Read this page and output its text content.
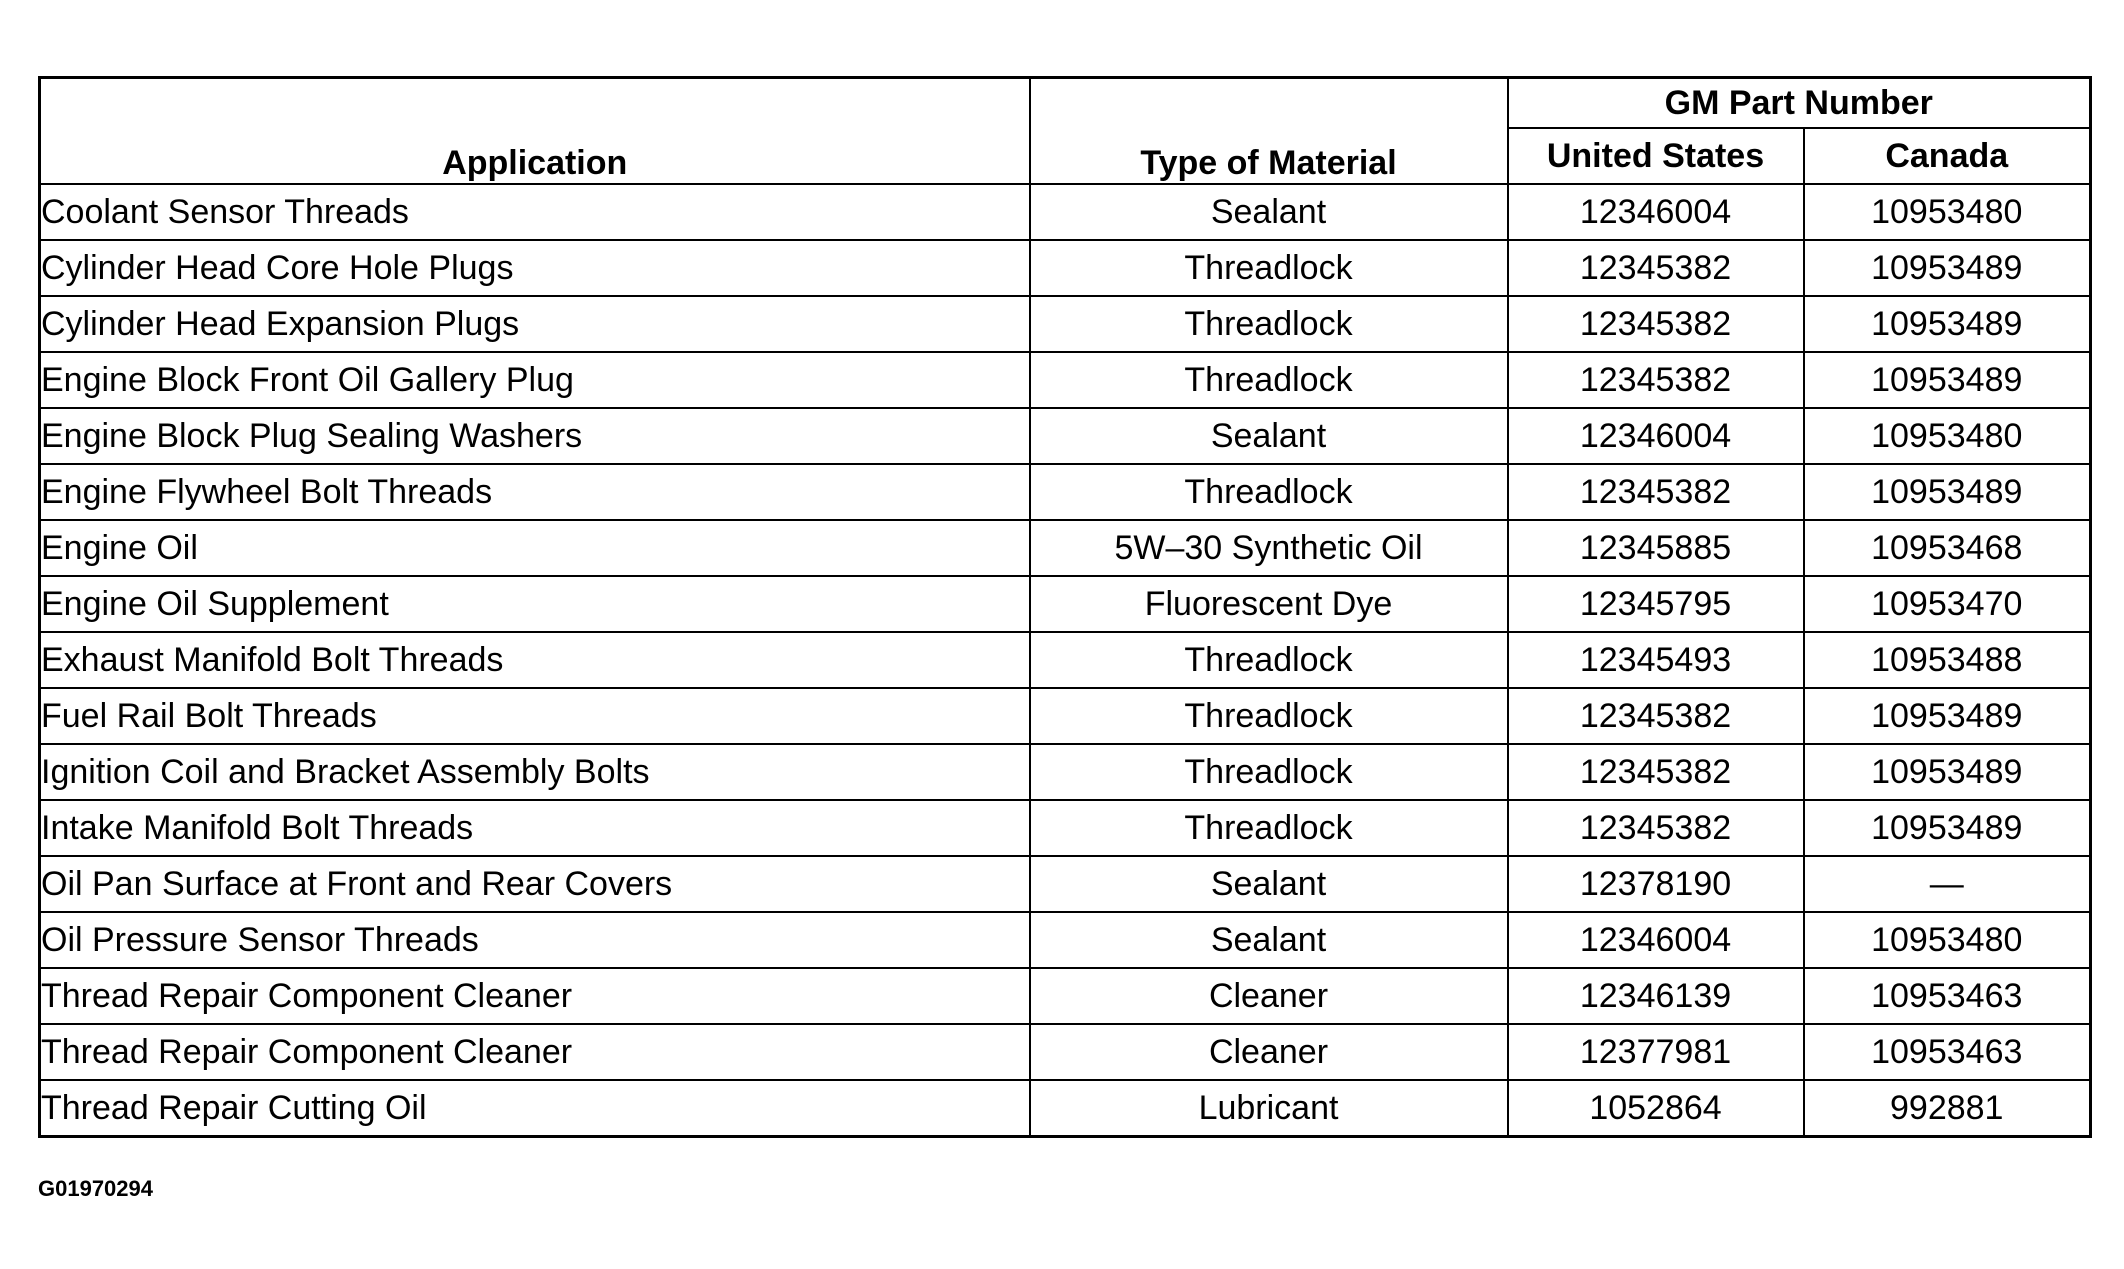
Application	Type of Material	GM Part Number	
		United States	Canada
Coolant Sensor Threads	Sealant	12346004	10953480
Cylinder Head Core Hole Plugs	Threadlock	12345382	10953489
Cylinder Head Expansion Plugs	Threadlock	12345382	10953489
Engine Block Front Oil Gallery Plug	Threadlock	12345382	10953489
Engine Block Plug Sealing Washers	Sealant	12346004	10953480
Engine Flywheel Bolt Threads	Threadlock	12345382	10953489
Engine Oil	5W–30 Synthetic Oil	12345885	10953468
Engine Oil Supplement	Fluorescent Dye	12345795	10953470
Exhaust Manifold Bolt Threads	Threadlock	12345493	10953488
Fuel Rail Bolt Threads	Threadlock	12345382	10953489
Ignition Coil and Bracket Assembly Bolts	Threadlock	12345382	10953489
Intake Manifold Bolt Threads	Threadlock	12345382	10953489
Oil Pan Surface at Front and Rear Covers	Sealant	12378190	—
Oil Pressure Sensor Threads	Sealant	12346004	10953480
Thread Repair Component Cleaner	Cleaner	12346139	10953463
Thread Repair Component Cleaner	Cleaner	12377981	10953463
Thread Repair Cutting Oil	Lubricant	1052864	992881
G01970294
